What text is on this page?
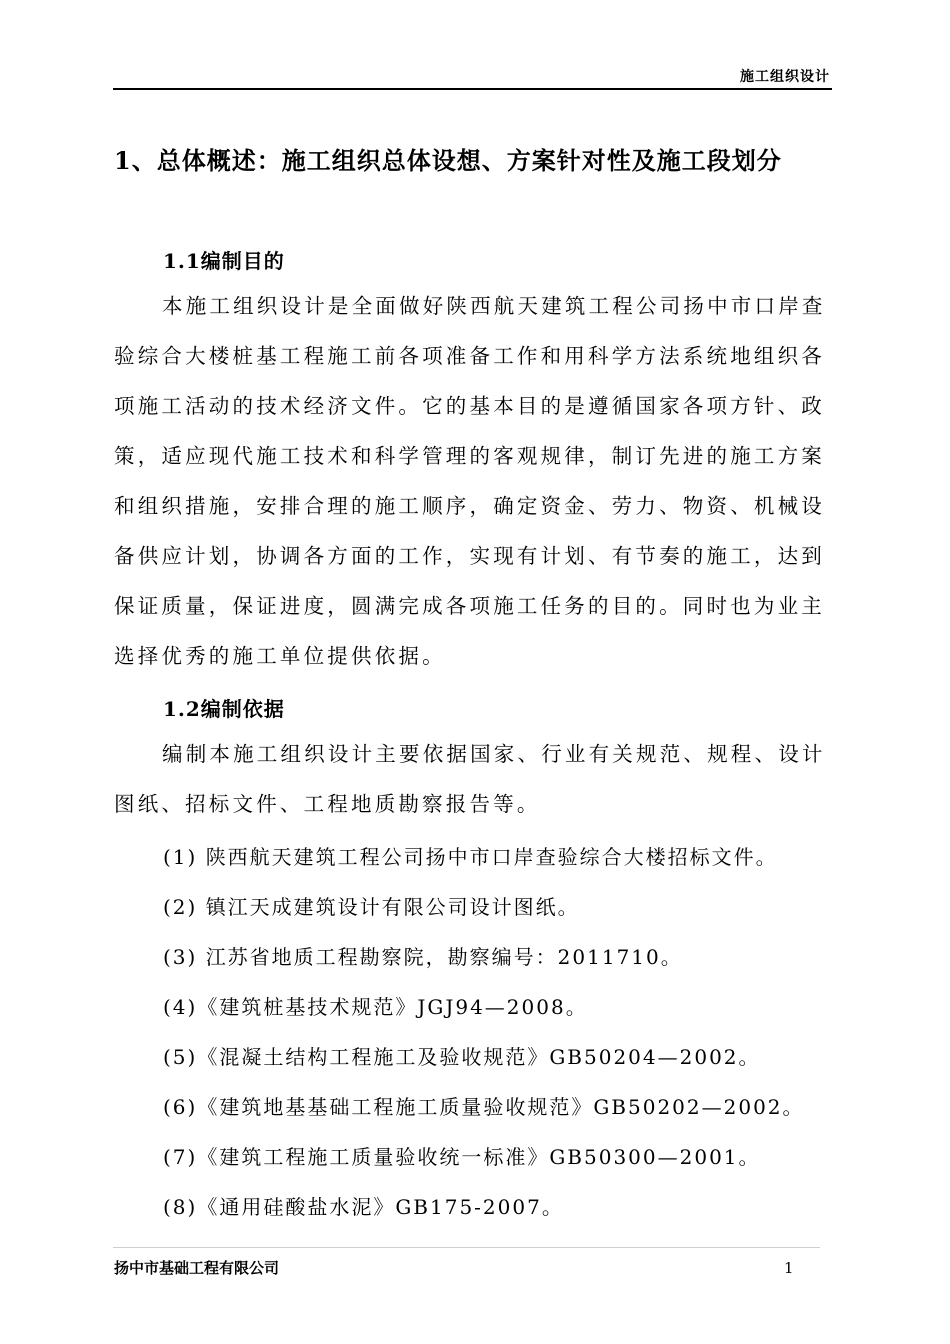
施工组织设计
1、总体概述：施工组织总体设想、方案针对性及施工段划分
1.1编制目的

本施工组织设计是全面做好陕西航天建筑工程公司扬中市口岸查验综合大楼桩基工程施工前各项准备工作和用科学方法系统地组织各项施工活动的技术经济文件。它的基本目的是遵循国家各项方针、政策，适应现代施工技术和科学管理的客观规律，制订先进的施工方案和组织措施，安排合理的施工顺序，确定资金、劳力、物资、机械设备供应计划，协调各方面的工作，实现有计划、有节奏的施工，达到保证质量，保证进度，圆满完成各项施工任务的目的。同时也为业主选择优秀的施工单位提供依据。

1.2编制依据

编制本施工组织设计主要依据国家、行业有关规范、规程、设计图纸、招标文件、工程地质勘察报告等。

(1) 陕西航天建筑工程公司扬中市口岸查验综合大楼招标文件。
(2) 镇江天成建筑设计有限公司设计图纸。
(3) 江苏省地质工程勘察院，勘察编号：2011710。
(4)《建筑桩基技术规范》JGJ94—2008。
(5)《混凝土结构工程施工及验收规范》GB50204—2002。
(6)《建筑地基基础工程施工质量验收规范》GB50202—2002。
(7)《建筑工程施工质量验收统一标准》GB50300—2001。
(8)《通用硅酸盐水泥》GB175-2007。
扬中市基础工程有限公司	1
